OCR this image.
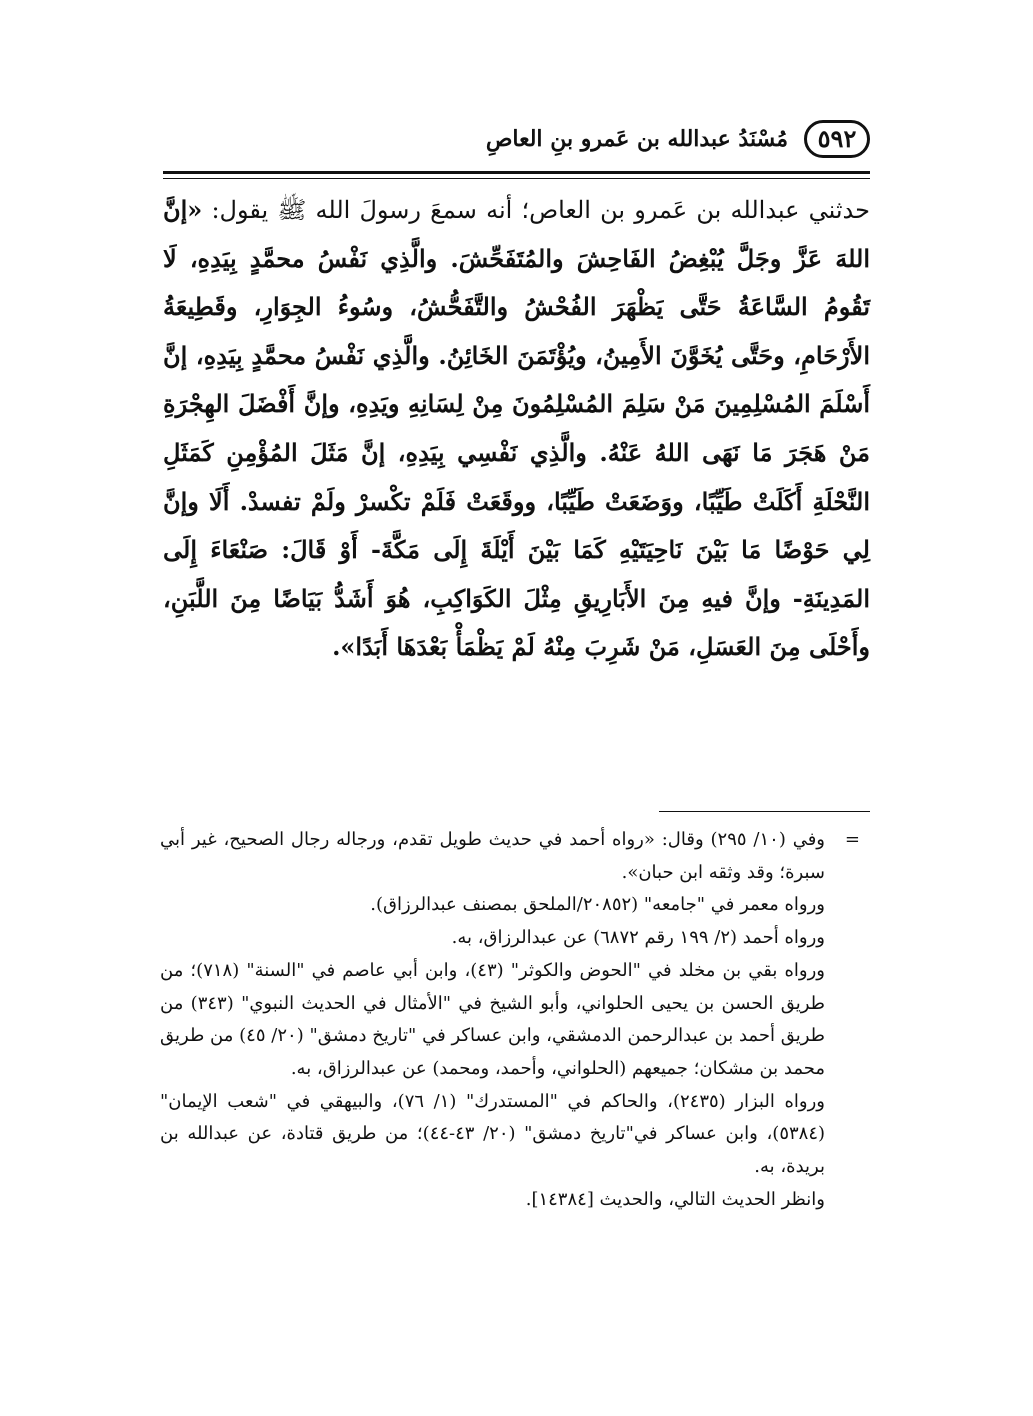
٥٩٢
مُسْنَدُ عبدالله بن عَمرو بنِ العاصِ

حدثني عبدالله بن عَمرو بن العاص؛ أنه سمعَ رسولَ الله ﷺ يقول: «إنَّ اللهَ عَزَّ وجَلَّ يُبْغِضُ الفَاحِشَ والمُتَفَحِّشَ. والَّذِي نَفْسُ محمَّدٍ بِيَدِهِ، لَا تَقُومُ السَّاعَةُ حَتَّى يَظْهَرَ الفُحْشُ والتَّفَحُّشُ، وسُوءُ الجِوَارِ، وقَطِيعَةُ الأَرْحَامِ، وحَتَّى يُخَوَّنَ الأَمِينُ، ويُؤْتَمَنَ الخَائِنُ. والَّذِي نَفْسُ محمَّدٍ بِيَدِهِ، إنَّ أَسْلَمَ المُسْلِمِينَ مَنْ سَلِمَ المُسْلِمُونَ مِنْ لِسَانِهِ ويَدِهِ، وإنَّ أَفْضَلَ الهِجْرَةِ مَنْ هَجَرَ مَا نَهَى اللهُ عَنْهُ. والَّذِي نَفْسِي بِيَدِهِ، إنَّ مَثَلَ المُؤْمِنِ كَمَثَلِ النَّحْلَةِ أَكَلَتْ طَيِّبًا، ووَضَعَتْ طَيِّبًا، ووقَعَتْ فَلَمْ تكْسرْ ولَمْ تفسدْ. أَلَا وإنَّ لِي حَوْضًا مَا بَيْنَ نَاحِيَتَيْهِ كَمَا بَيْنَ أَيْلَةَ إِلَى مَكَّةَ- أَوْ قَالَ: صَنْعَاءَ إِلَى المَدِينَةِ- وإنَّ فيهِ مِنَ الأَبَارِيقِ مِثْلَ الكَوَاكِبِ، هُوَ أَشَدُّ بَيَاضًا مِنَ اللَّبَنِ، وأَحْلَى مِنَ العَسَلِ، مَنْ شَرِبَ مِنْهُ لَمْ يَظْمَأْ بَعْدَهَا أَبَدًا».

=
وفي (١٠/ ٢٩٥) وقال: «رواه أحمد في حديث طويل تقدم، ورجاله رجال الصحيح، غير أبي سبرة؛ وقد وثقه ابن حبان».

ورواه معمر في "جامعه" (٢٠٨٥٢/الملحق بمصنف عبدالرزاق).

ورواه أحمد (٢/ ١٩٩ رقم ٦٨٧٢) عن عبدالرزاق، به.

ورواه بقي بن مخلد في "الحوض والكوثر" (٤٣)، وابن أبي عاصم في "السنة" (٧١٨)؛ من طريق الحسن بن يحيى الحلواني، وأبو الشيخ في "الأمثال في الحديث النبوي" (٣٤٣) من طريق أحمد بن عبدالرحمن الدمشقي، وابن عساكر في "تاريخ دمشق" (٢٠/ ٤٥) من طريق محمد بن مشكان؛ جميعهم (الحلواني، وأحمد، ومحمد) عن عبدالرزاق، به.

ورواه البزار (٢٤٣٥)، والحاكم في "المستدرك" (١/ ٧٦)، والبيهقي في "شعب الإيمان" (٥٣٨٤)، وابن عساكر في"تاريخ دمشق" (٢٠/ ٤٣-٤٤)؛ من طريق قتادة، عن عبدالله بن بريدة، به.

وانظر الحديث التالي، والحديث [١٤٣٨٤].
